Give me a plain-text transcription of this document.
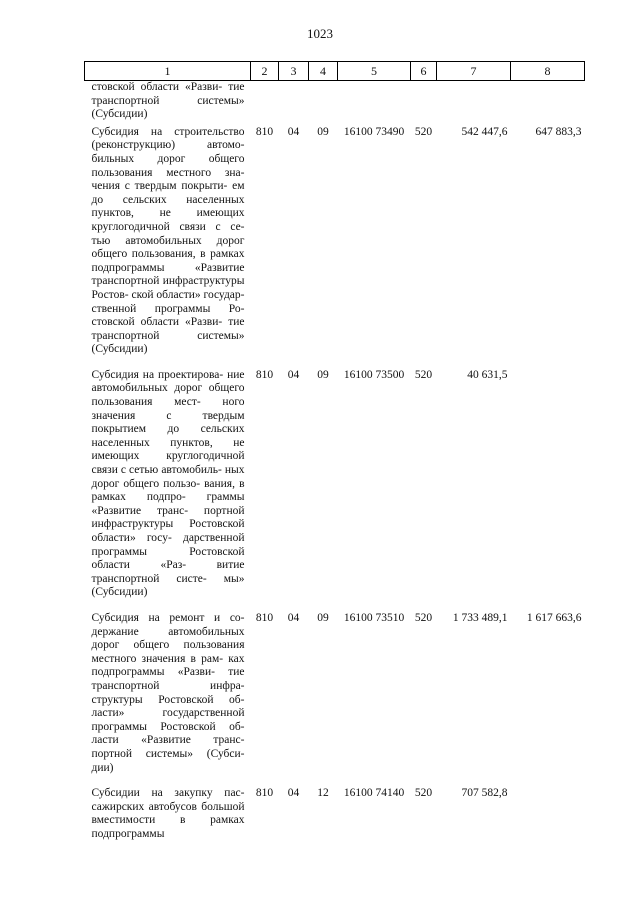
1023
1	2	3	4	5	6	7	8
стовской области «Разви- тие транспортной системы» (Субсидии)							
Субсидия на строительство (реконструкцию) автомо- бильных дорог общего пользования местного зна- чения с твердым покрыти- ем до сельских населенных пунктов, не имеющих круглогодичной связи с се- тью автомобильных дорог общего пользования, в рамках подпрограммы «Развитие транспортной инфраструктуры Ростов- ской области» государ- ственной программы Ро- стовской области «Разви- тие транспортной системы» (Субсидии)	810	04	09	16100 73490	520	542 447,6	647 883,3
Субсидия на проектирова- ние автомобильных дорог общего пользования мест- ного значения с твердым покрытием до сельских населенных пунктов, не имеющих круглогодичной связи с сетью автомобиль- ных дорог общего пользо- вания, в рамках подпро- граммы «Развитие транс- портной инфраструктуры Ростовской области» госу- дарственной программы Ростовской области «Раз- витие транспортной систе- мы» (Субсидии)	810	04	09	16100 73500	520	40 631,5	
Субсидия на ремонт и со- держание автомобильных дорог общего пользования местного значения в рам- ках подпрограммы «Разви- тие транспортной инфра- структуры Ростовской об- ласти» государственной программы Ростовской об- ласти «Развитие транс- портной системы» (Субси- дии)	810	04	09	16100 73510	520	1 733 489,1	1 617 663,6
Субсидии на закупку пас- сажирских автобусов большой вместимости в рамках подпрограммы	810	04	12	16100 74140	520	707 582,8	
